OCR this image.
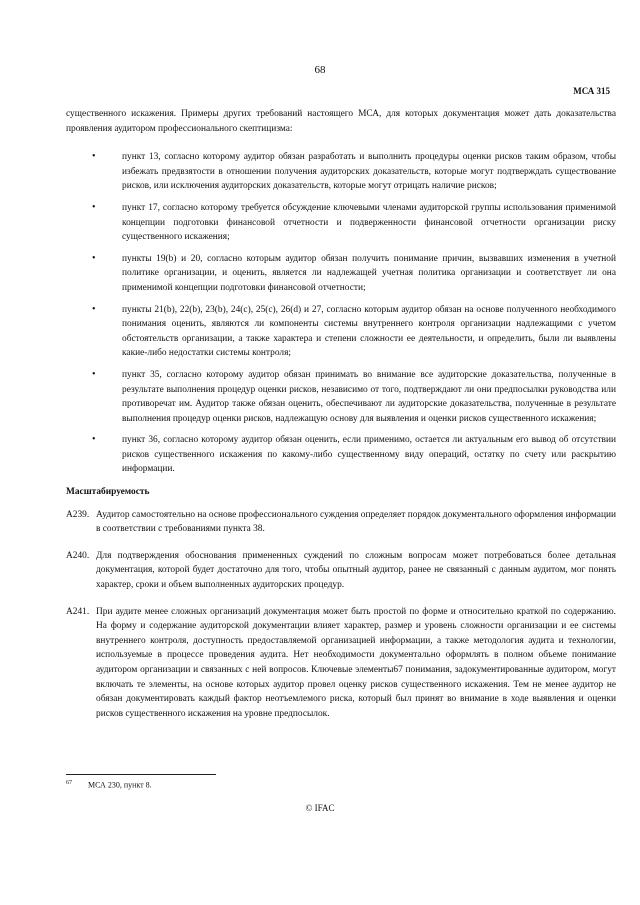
68
МСА 315

существенного искажения. Примеры других требований настоящего МСА, для которых документация может дать доказательства проявления аудитором профессионального скептицизма:

•	пункт 13, согласно которому аудитор обязан разработать и выполнить процедуры оценки рисков таким образом, чтобы избежать предвзятости в отношении получения аудиторских доказательств, которые могут подтверждать существование рисков, или исключения аудиторских доказательств, которые могут отрицать наличие рисков;
•	пункт 17, согласно которому требуется обсуждение ключевыми членами аудиторской группы использования применимой концепции подготовки финансовой отчетности и подверженности финансовой отчетности организации риску существенного искажения;
•	пункты 19(b) и 20, согласно которым аудитор обязан получить понимание причин, вызвавших изменения в учетной политике организации, и оценить, является ли надлежащей учетная политика организации и соответствует ли она применимой концепции подготовки финансовой отчетности;
•	пункты 21(b), 22(b), 23(b), 24(c), 25(c), 26(d) и 27, согласно которым аудитор обязан на основе полученного необходимого понимания оценить, являются ли компоненты системы внутреннего контроля организации надлежащими с учетом обстоятельств организации, а также характера и степени сложности ее деятельности, и определить, были ли выявлены какие-либо недостатки системы контроля;
•	пункт 35, согласно которому аудитор обязан принимать во внимание все аудиторские доказательства, полученные в результате выполнения процедур оценки рисков, независимо от того, подтверждают ли они предпосылки руководства или противоречат им. Аудитор также обязан оценить, обеспечивают ли аудиторские доказательства, полученные в результате выполнения процедур оценки рисков, надлежащую основу для выявления и оценки рисков существенного искажения;
•	пункт 36, согласно которому аудитор обязан оценить, если применимо, остается ли актуальным его вывод об отсутствии рисков существенного искажения по какому-либо существенному виду операций, остатку по счету или раскрытию информации.
Масштабируемость
A239. Аудитор самостоятельно на основе профессионального суждения определяет порядок документального оформления информации в соответствии с требованиями пункта 38.
A240. Для подтверждения обоснования примененных суждений по сложным вопросам может потребоваться более детальная документация, которой будет достаточно для того, чтобы опытный аудитор, ранее не связанный с данным аудитом, мог понять характер, сроки и объем выполненных аудиторских процедур.
A241. При аудите менее сложных организаций документация может быть простой по форме и относительно краткой по содержанию. На форму и содержание аудиторской документации влияет характер, размер и уровень сложности организации и ее системы внутреннего контроля, доступность предоставляемой организацией информации, а также методология аудита и технологии, используемые в процессе проведения аудита. Нет необходимости документально оформлять в полном объеме понимание аудитором организации и связанных с ней вопросов. Ключевые элементы67 понимания, задокументированные аудитором, могут включать те элементы, на основе которых аудитор провел оценку рисков существенного искажения. Тем не менее аудитор не обязан документировать каждый фактор неотъемлемого риска, который был принят во внимание в ходе выявления и оценки рисков существенного искажения на уровне предпосылок.
$^{67}$ МСА 230, пункт 8.
© IFAC
